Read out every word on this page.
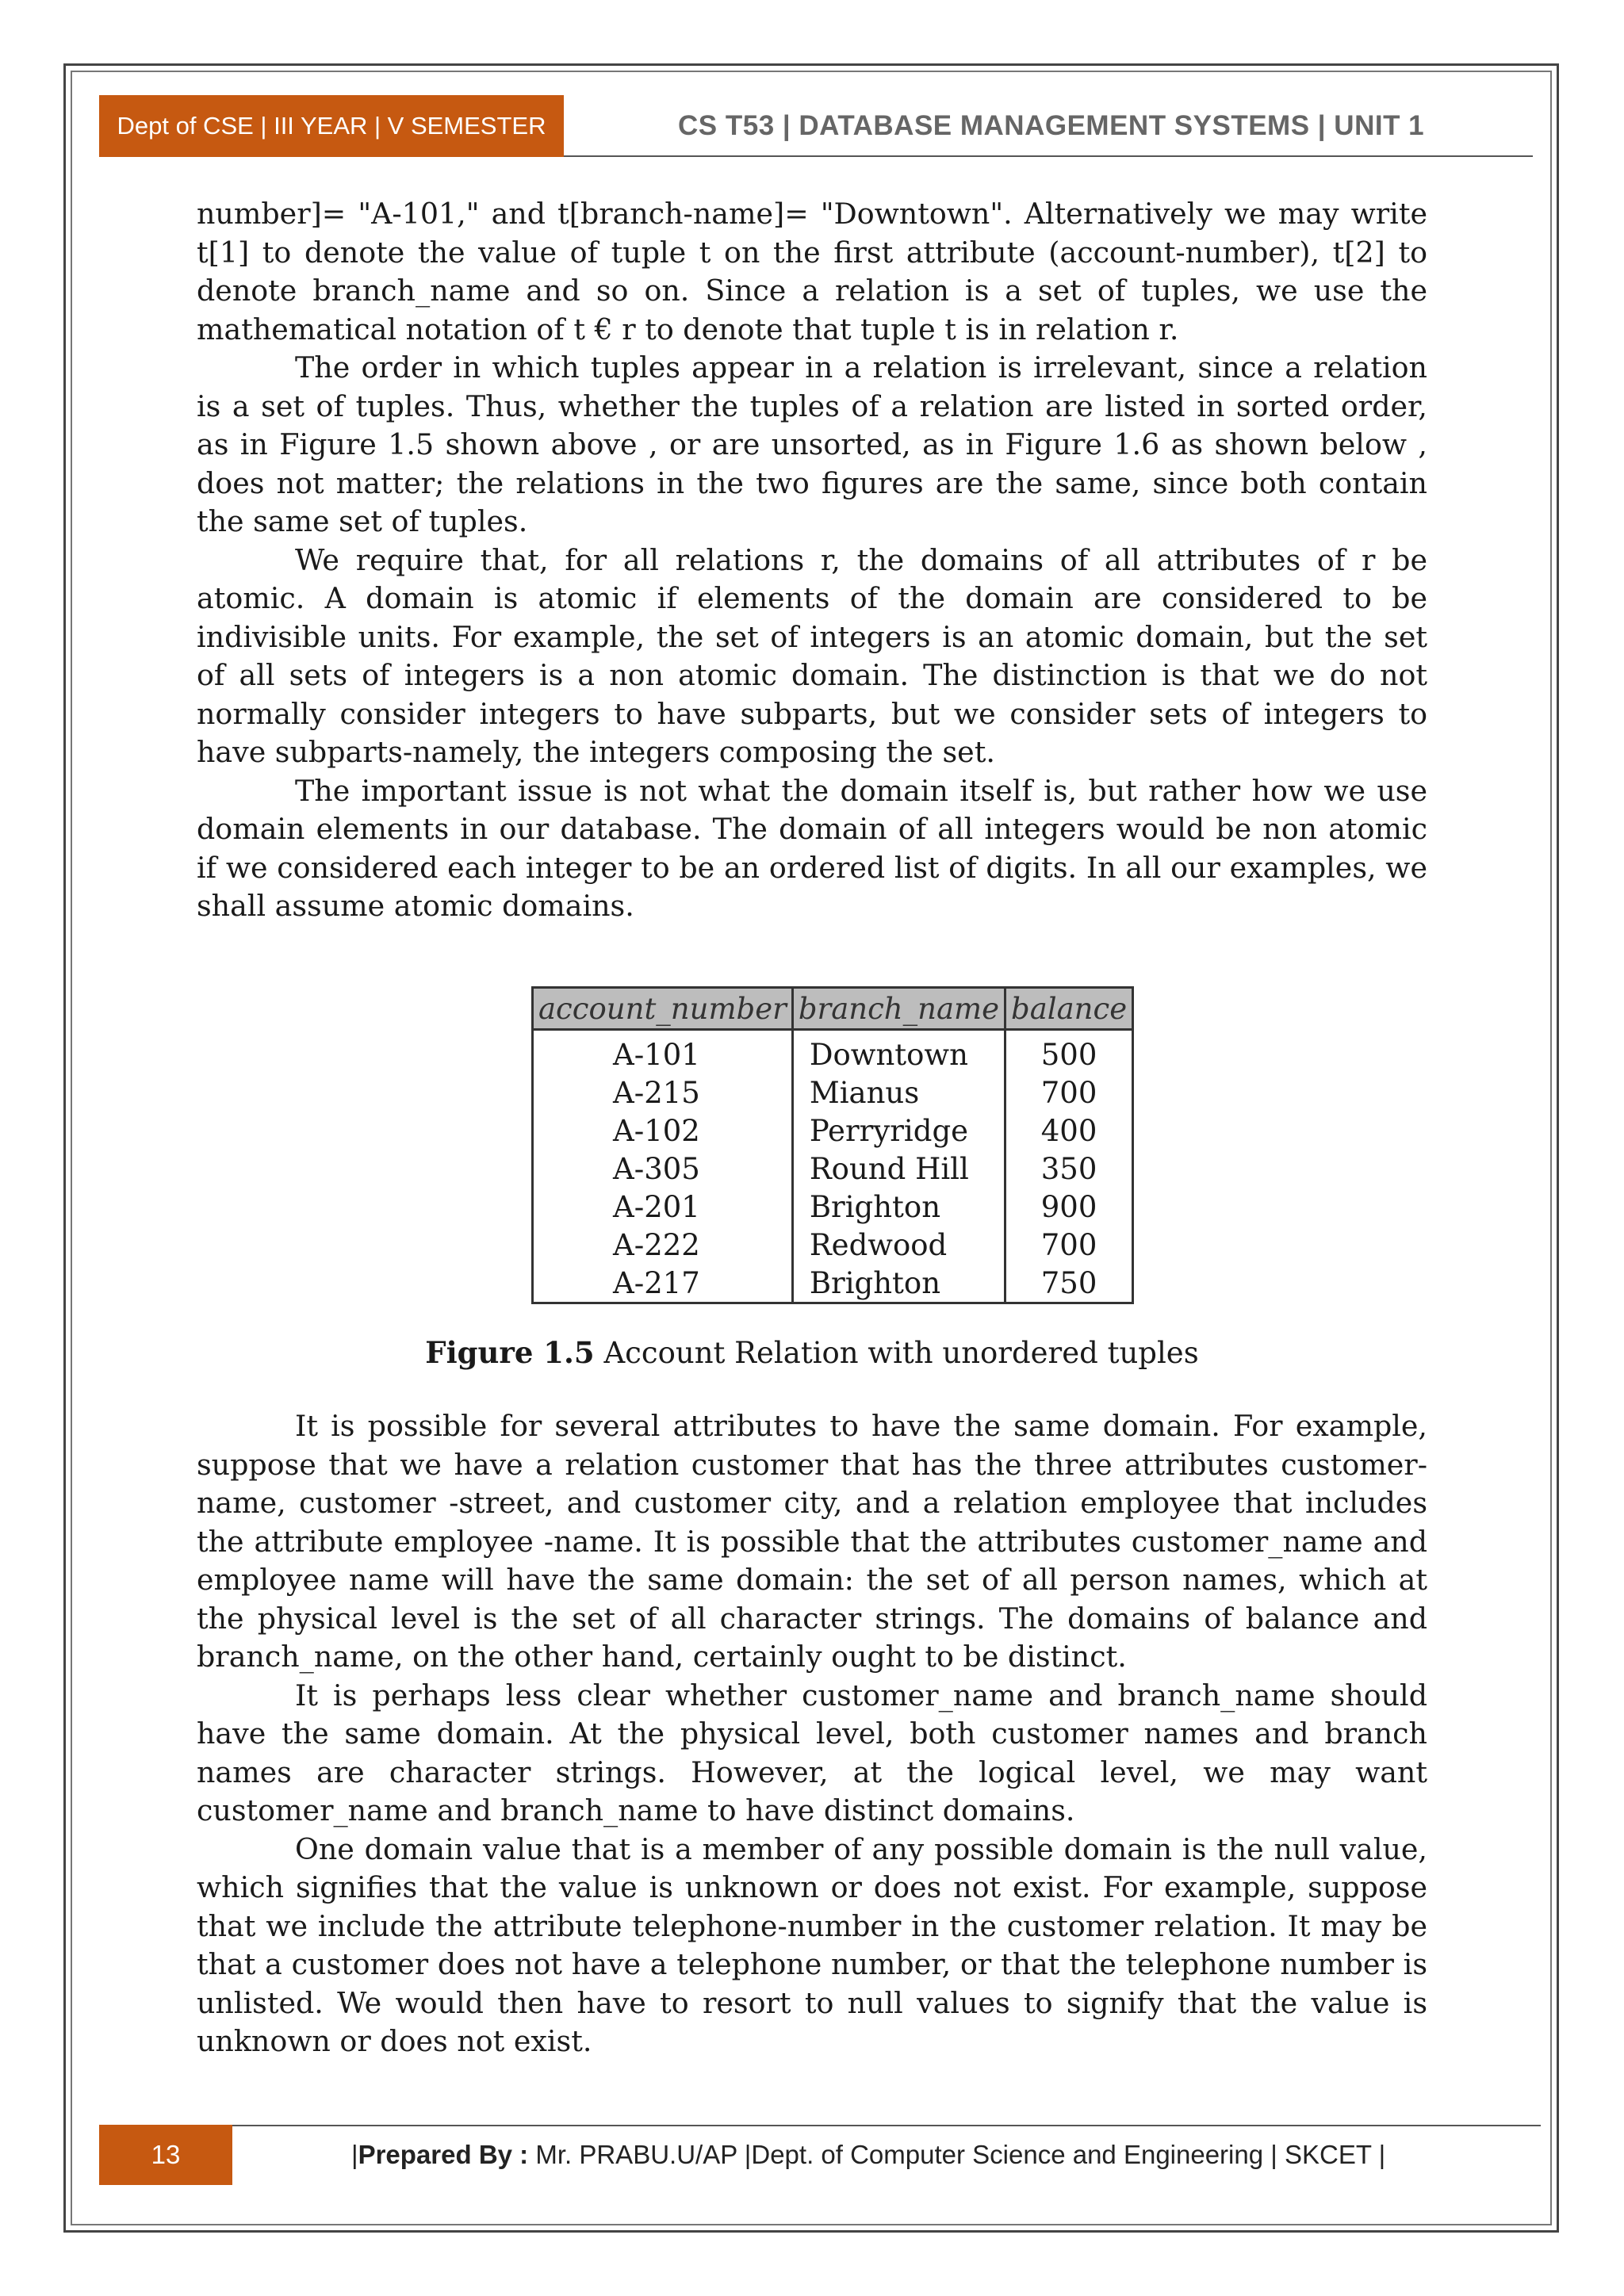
Dept of CSE | III YEAR | V SEMESTER	CS T53 | DATABASE MANAGEMENT SYSTEMS | UNIT 1

number]= "A-101," and t[branch-name]= "Downtown". Alternatively we may write t[1] to denote the value of tuple t on the first attribute (account-number), t[2] to denote branch_name and so on. Since a relation is a set of tuples, we use the mathematical notation of t € r to denote that tuple t is in relation r.

The order in which tuples appear in a relation is irrelevant, since a relation is a set of tuples. Thus, whether the tuples of a relation are listed in sorted order, as in Figure 1.5 shown above , or are unsorted, as in Figure 1.6 as shown below , does not matter; the relations in the two figures are the same, since both contain the same set of tuples.

We require that, for all relations r, the domains of all attributes of r be atomic. A domain is atomic if elements of the domain are considered to be indivisible units. For example, the set of integers is an atomic domain, but the set of all sets of integers is a non atomic domain. The distinction is that we do not normally consider integers to have subparts, but we consider sets of integers to have subparts-namely, the integers composing the set.

The important issue is not what the domain itself is, but rather how we use domain elements in our database. The domain of all integers would be non atomic if we considered each integer to be an ordered list of digits. In all our examples, we shall assume atomic domains.

account_number	branch_name	balance

A-101	Downtown	500
A-215	Mianus	700
A-102	Perryridge	400
A-305	Round Hill	350
A-201	Brighton	900
A-222	Redwood	700
A-217	Brighton	750
Figure 1.5 Account Relation with unordered tuples

It is possible for several attributes to have the same domain. For example, suppose that we have a relation customer that has the three attributes customer-name, customer -street, and customer city, and a relation employee that includes the attribute employee -name. It is possible that the attributes customer_name and employee name will have the same domain: the set of all person names, which at the physical level is the set of all character strings. The domains of balance and branch_name, on the other hand, certainly ought to be distinct.

It is perhaps less clear whether customer_name and branch_name should have the same domain. At the physical level, both customer names and branch names are character strings. However, at the logical level, we may want customer_name and branch_name to have distinct domains.

One domain value that is a member of any possible domain is the null value, which signifies that the value is unknown or does not exist. For example, suppose that we include the attribute telephone-number in the customer relation. It may be that a customer does not have a telephone number, or that the telephone number is unlisted. We would then have to resort to null values to signify that the value is unknown or does not exist.

13	|Prepared By : Mr. PRABU.U/AP |Dept. of Computer Science and Engineering | SKCET |
